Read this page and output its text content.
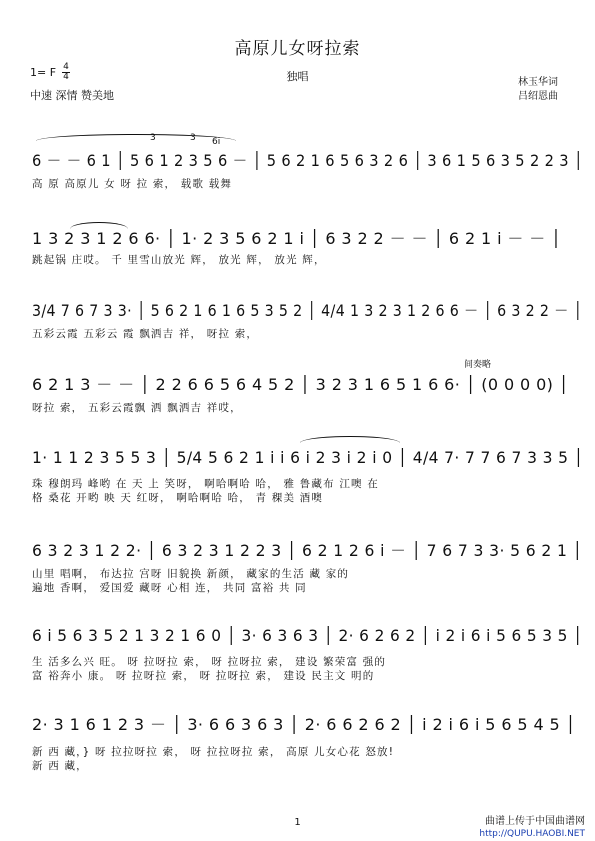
高原儿女呀拉索
1= F 4
4
中速 深情 赞美地
独唱	林玉华词
吕绍恩曲
3	3 6i
6 － － 6 1 │ 5 6 1 2 3 5 6 － │ 5 6 2 1 6 5 6 3 2 6 │ 3 6 1 5 6 3 5 2 2 3 │
高 原 高原儿 女 呀 拉 索， 载歌 载舞
1 3 2 3 1 2 6 6· │ 1· 2 3 5 6 2 1 i │ 6 3 2 2 － － │ 6 2 1 i － － │
跳起锅 庄哎。 千 里雪山放光 辉， 放光 辉， 放光 辉，
3/4 7 6 7 3 3· │ 5 6 2 1 6 1 6 5 3 5 2 │ 4/4 1 3 2 3 1 2 6 6 － │ 6 3 2 2 － │
五彩云霞 五彩云 霞 飘洒吉 祥， 呀拉 索，
间奏略
6 2 1 3 － － │ 2 2 6 6 5 6 4 5 2 │ 3 2 3 1 6 5 1 6 6· │ (0 0 0 0) │
呀拉 索， 五彩云霞飘 洒 飘洒吉 祥哎，
1· 1 1 2 3 5 5 3 │ 5/4 5 6 2 1 i i 6 i 2 3 i 2 i 0 │ 4/4 7· 7 7 6 7 3 3 5 │
珠 穆朗玛 峰哟 在 天 上 笑呀， 啊哈啊哈 哈， 雅 鲁藏布 江噢 在
格 桑花 开哟 映 天 红呀， 啊哈啊哈 哈， 青 稞美 酒噢
6 3 2 3 1 2 2· │ 6 3 2 3 1 2 2 3 │ 6 2 1 2 6 i － │ 7 6 7 3 3· 5 6 2 1 │
山里 唱啊， 布达拉 宫呀 旧貌换 新颜， 藏家的生活 藏 家的
遍地 香啊， 爱国爱 藏呀 心相 连， 共同 富裕 共 同
6 i 5 6 3 5 2 1 3 2 1 6 0 │ 3· 6 3 6 3 │ 2· 6 2 6 2 │ i 2 i 6 i 5 6 5 3 5 │
生 活多么兴 旺。 呀 拉呀拉 索， 呀 拉呀拉 索， 建设 繁荣富 强的
富 裕奔小 康。 呀 拉呀拉 索， 呀 拉呀拉 索， 建设 民主文 明的
2· 3 1 6 1 2 3 － │ 3· 6 6 3 6 3 │ 2· 6 6 2 6 2 │ i 2 i 6 i 5 6 5 4 5 │
新 西 藏，} 呀 拉拉呀拉 索， 呀 拉拉呀拉 索， 高原 儿女心花 怒放!
新 西 藏，
1	曲谱上传于中国曲谱网
http://QUPU.HAOBI.NET
